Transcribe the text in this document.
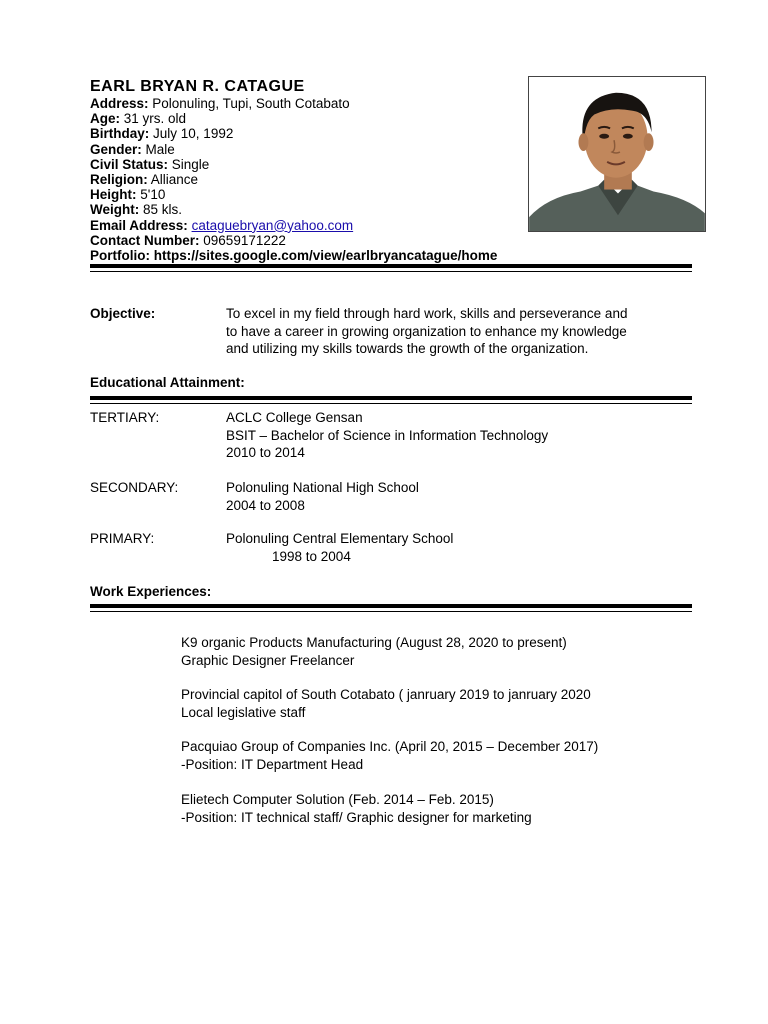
EARL BRYAN R. CATAGUE
Address: Polonuling, Tupi, South Cotabato
Age: 31 yrs. old
Birthday: July 10, 1992
Gender: Male
Civil Status: Single
Religion: Alliance
Height: 5'10
Weight: 85 kls.
Email Address: cataguebryan@yahoo.com
Contact Number: 09659171222
Portfolio: https://sites.google.com/view/earlbryancatague/home
Objective:	To excel in my field through hard work, skills and perseverance and
to have a career in growing organization to enhance my knowledge
and utilizing my skills towards the growth of the organization.
Educational Attainment:
TERTIARY:	ACLC College Gensan
BSIT – Bachelor of Science in Information Technology
2010 to 2014
SECONDARY:	Polonuling National High School
2004 to 2008
PRIMARY:	Polonuling Central Elementary School
1998 to 2004
Work Experiences:
K9 organic Products Manufacturing (August 28, 2020 to present)
Graphic Designer Freelancer
Provincial capitol of South Cotabato ( janruary 2019 to janruary 2020
Local legislative staff
Pacquiao Group of Companies Inc. (April 20, 2015 – December 2017)
-Position: IT Department Head
Elietech Computer Solution (Feb. 2014 – Feb. 2015)
-Position: IT technical staff/ Graphic designer for marketing
